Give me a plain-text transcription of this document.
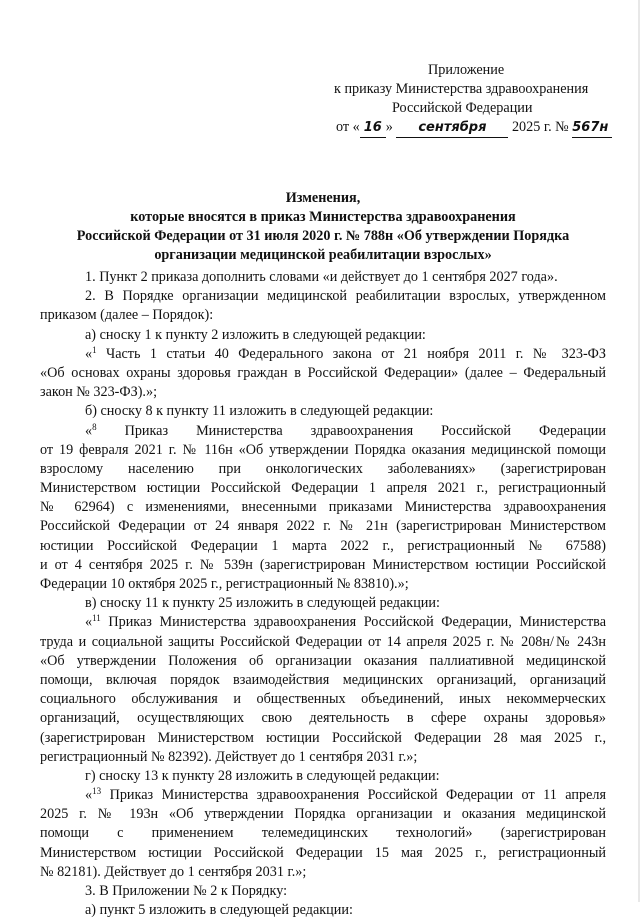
Приложение
к приказу Министерства здравоохранения
Российской Федерации
от « 16 » сентября 2025 г. № 567н
Изменения,
которые вносятся в приказ Министерства здравоохранения
Российской Федерации от 31 июля 2020 г. № 788н «Об утверждении Порядка
организации медицинской реабилитации взрослых»
1. Пункт 2 приказа дополнить словами «и действует до 1 сентября 2027 года».
2. В Порядке организации медицинской реабилитации взрослых, утвержденном
приказом (далее – Порядок):
а) сноску 1 к пункту 2 изложить в следующей редакции:
«$^1$ Часть 1 статьи 40 Федерального закона от 21 ноября 2011 г. № 323-ФЗ
«Об основах охраны здоровья граждан в Российской Федерации» (далее – Федеральный
закон № 323-ФЗ).»;
б) сноску 8 к пункту 11 изложить в следующей редакции:
«$^8$ Приказ Министерства здравоохранения Российской Федерации
от 19 февраля 2021 г. № 116н «Об утверждении Порядка оказания медицинской помощи
взрослому населению при онкологических заболеваниях» (зарегистрирован
Министерством юстиции Российской Федерации 1 апреля 2021 г., регистрационный
№ 62964) с изменениями, внесенными приказами Министерства здравоохранения
Российской Федерации от 24 января 2022 г. № 21н (зарегистрирован Министерством
юстиции Российской Федерации 1 марта 2022 г., регистрационный № 67588)
и от 4 сентября 2025 г. № 539н (зарегистрирован Министерством юстиции Российской
Федерации 10 октября 2025 г., регистрационный № 83810).»;
в) сноску 11 к пункту 25 изложить в следующей редакции:
«$^{11}$ Приказ Министерства здравоохранения Российской Федерации, Министерства
труда и социальной защиты Российской Федерации от 14 апреля 2025 г. № 208н/№ 243н
«Об утверждении Положения об организации оказания паллиативной медицинской
помощи, включая порядок взаимодействия медицинских организаций, организаций
социального обслуживания и общественных объединений, иных некоммерческих
организаций, осуществляющих свою деятельность в сфере охраны здоровья»
(зарегистрирован Министерством юстиции Российской Федерации 28 мая 2025 г.,
регистрационный № 82392). Действует до 1 сентября 2031 г.»;
г) сноску 13 к пункту 28 изложить в следующей редакции:
«$^{13}$ Приказ Министерства здравоохранения Российской Федерации от 11 апреля
2025 г. № 193н «Об утверждении Порядка организации и оказания медицинской
помощи с применением телемедицинских технологий» (зарегистрирован
Министерством юстиции Российской Федерации 15 мая 2025 г., регистрационный
№ 82181). Действует до 1 сентября 2031 г.»;
3. В Приложении № 2 к Порядку:
а) пункт 5 изложить в следующей редакции:
